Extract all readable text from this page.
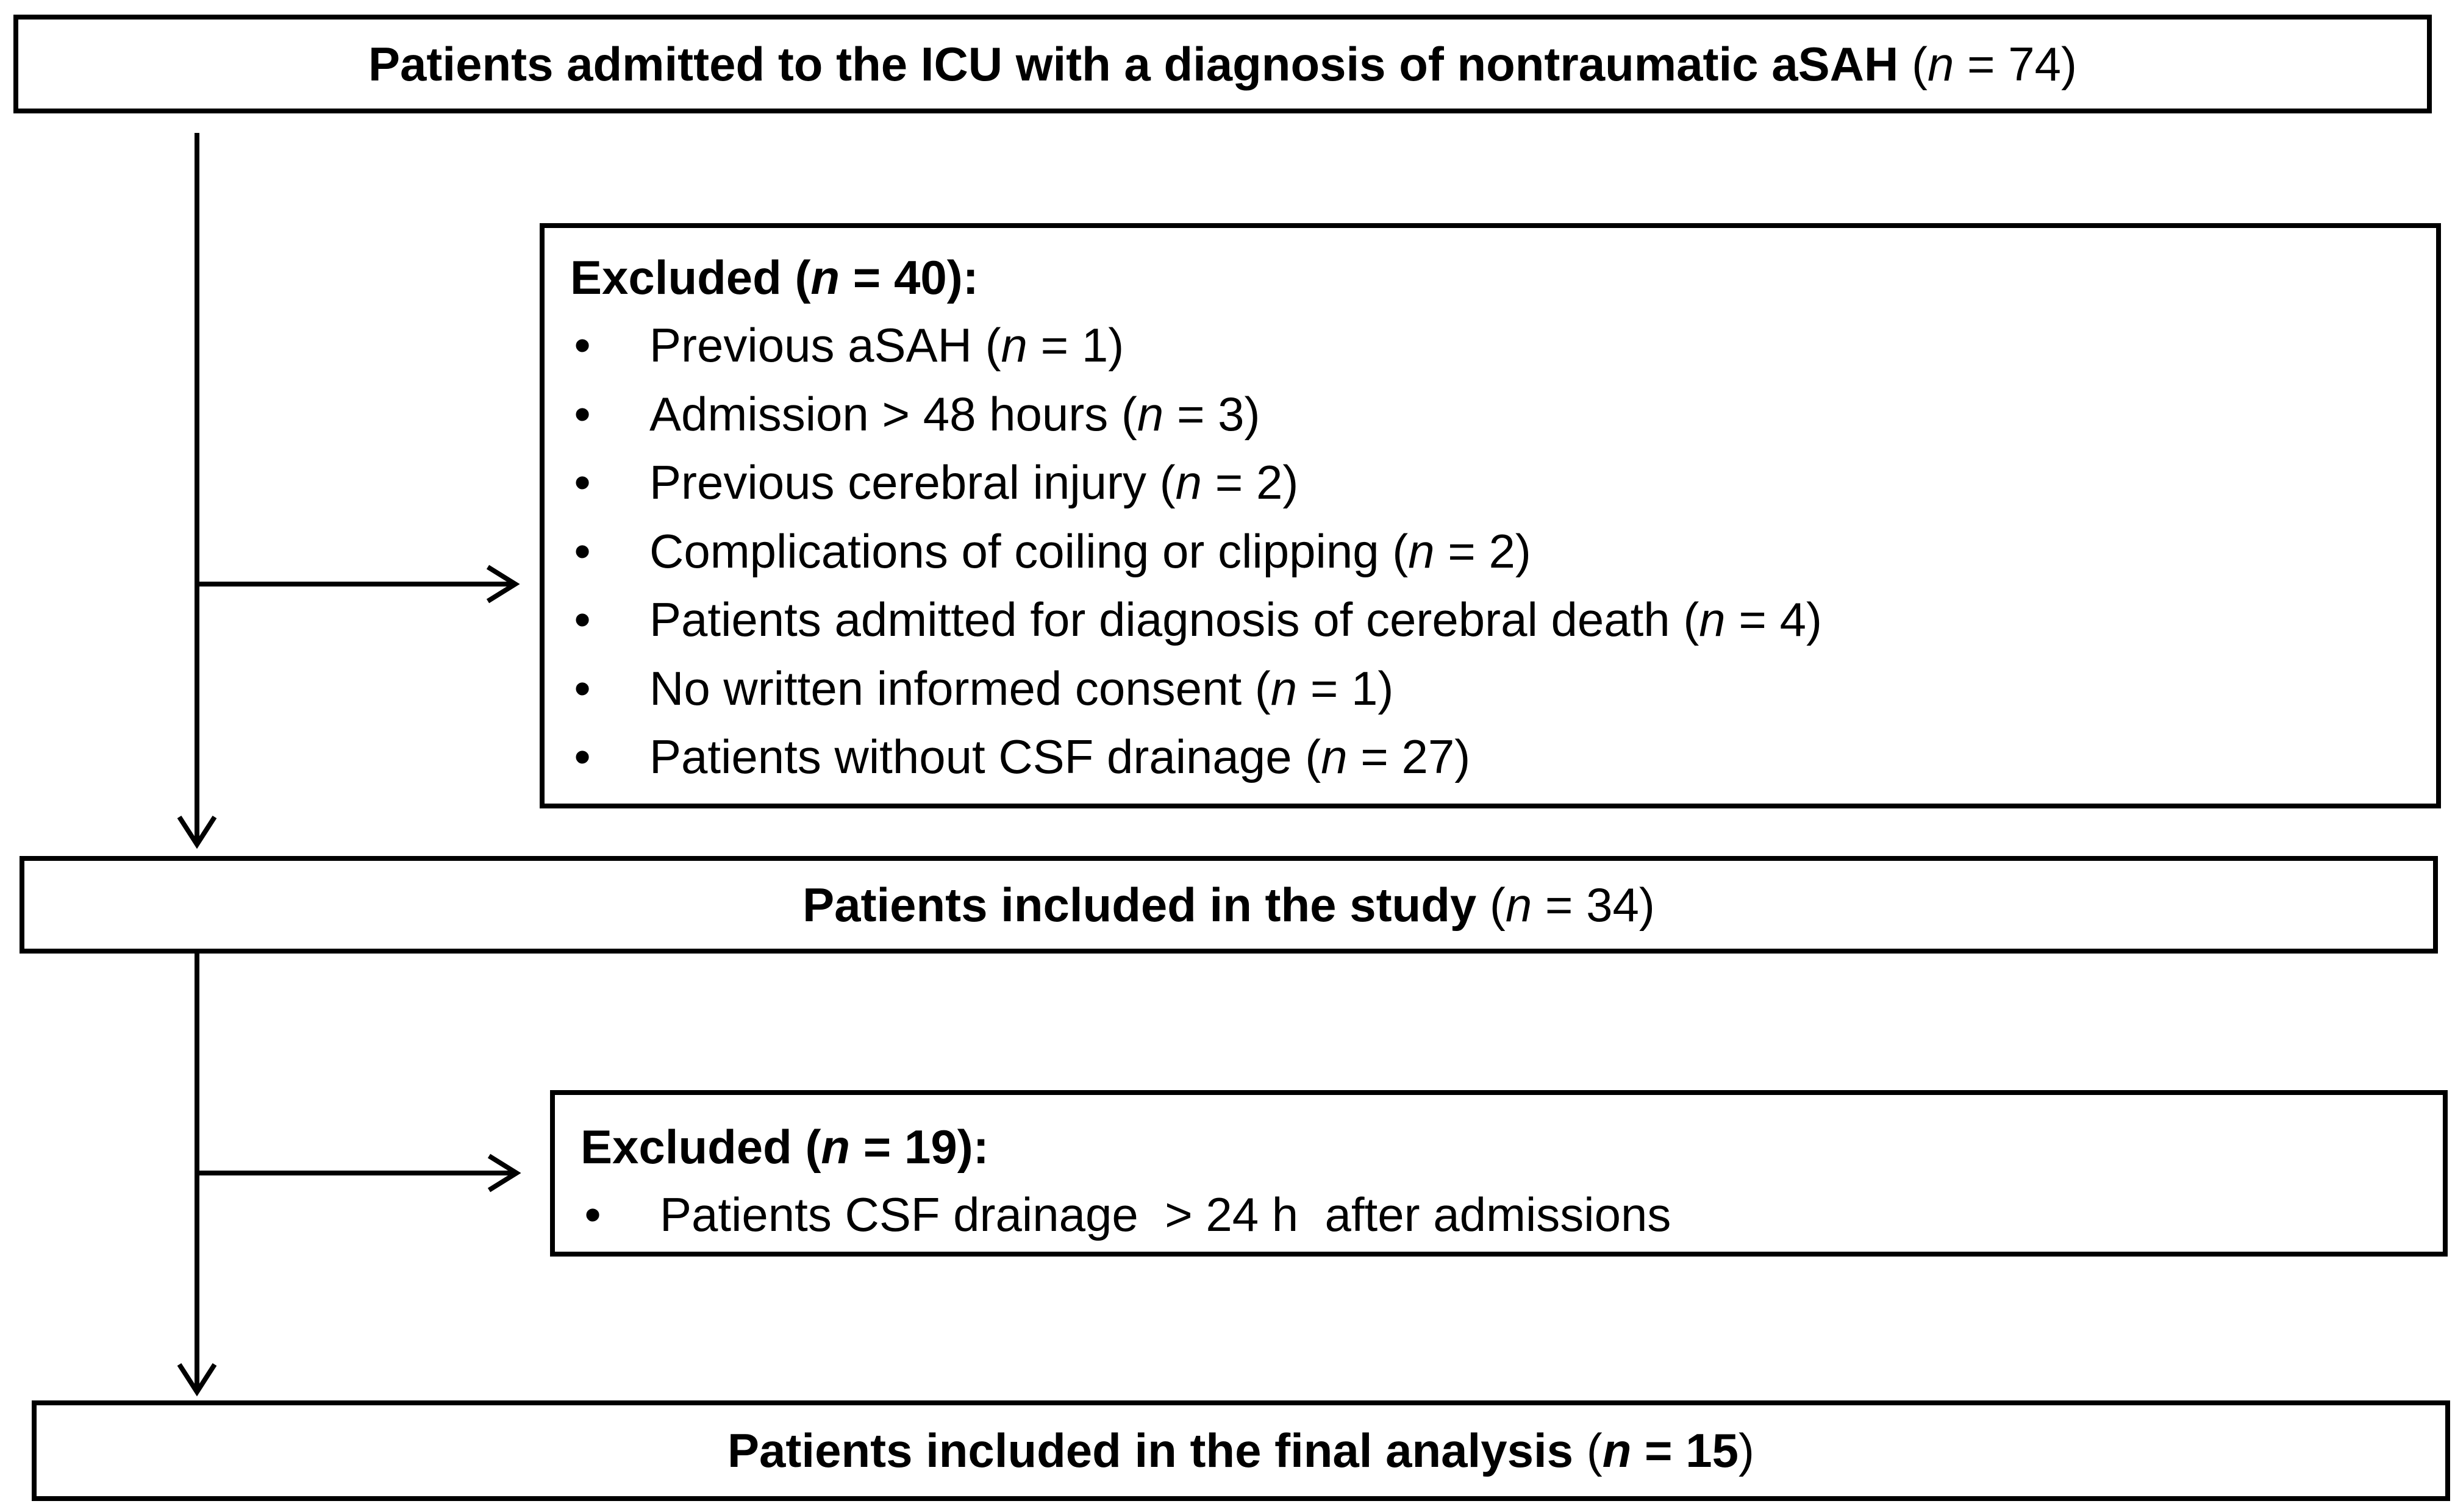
Patients admitted to the ICU with a diagnosis of nontraumatic aSAH (n = 74)
Excluded (n = 40):
• Previous aSAH (n = 1)
• Admission > 48 hours (n = 3)
• Previous cerebral injury (n = 2)
• Complications of coiling or clipping (n = 2)
• Patients admitted for diagnosis of cerebral death (n = 4)
• No written informed consent (n = 1)
• Patients without CSF drainage (n = 27)
Patients included in the study (n = 34)
Excluded (n = 19):
• Patients CSF drainage  > 24 h  after admissions
Patients included in the final analysis (n = 15)
